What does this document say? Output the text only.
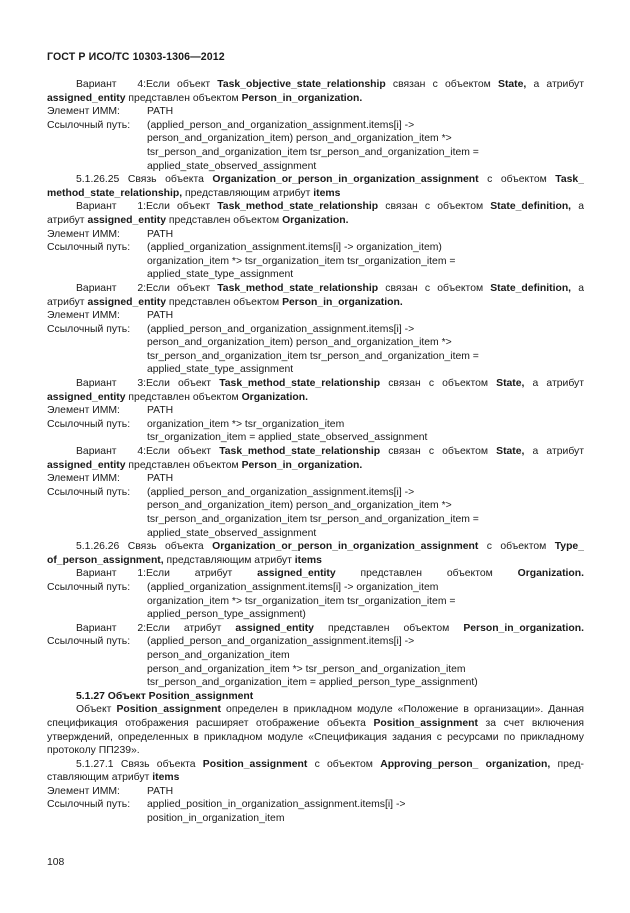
ГОСТ Р ИСО/ТС 10303-1306—2012
Вариант 4:Если объект Task_objective_state_relationship связан с объектом State, а атрибут
assigned_entity представлен объектом Person_in_organization.
Элемент ИММ:	PATH
Ссылочный путь: (applied_person_and_organization_assignment.items[i] ->
person_and_organization_item) person_and_organization_item *>
tsr_person_and_organization_item tsr_person_and_organization_item =
applied_state_observed_assignment
5.1.26.25 Связь объекта Organization_or_person_in_organization_assignment с объектом Task_
method_state_relationship, представляющим атрибут items
Вариант 1:Если объект Task_method_state_relationship связан с объектом State_definition, а
атрибут assigned_entity представлен объектом Organization.
Элемент ИММ:	PATH
Ссылочный путь: (applied_organization_assignment.items[i] -> organization_item)
organization_item *> tsr_organization_item tsr_organization_item =
applied_state_type_assignment
Вариант 2:Если объект Task_method_state_relationship связан с объектом State_definition, а
атрибут assigned_entity представлен объектом Person_in_organization.
Элемент ИММ:	PATH
Ссылочный путь: (applied_person_and_organization_assignment.items[i] ->
person_and_organization_item) person_and_organization_item *>
tsr_person_and_organization_item tsr_person_and_organization_item =
applied_state_type_assignment
Вариант 3:Если объект Task_method_state_relationship связан с объектом State, а атрибут
assigned_entity представлен объектом Organization.
Элемент ИММ:	PATH
Ссылочный путь: organization_item *> tsr_organization_item
tsr_organization_item = applied_state_observed_assignment
Вариант 4:Если объект Task_method_state_relationship связан с объектом State, а атрибут
assigned_entity представлен объектом Person_in_organization.
Элемент ИММ:	PATH
Ссылочный путь: (applied_person_and_organization_assignment.items[i] ->
person_and_organization_item) person_and_organization_item *>
tsr_person_and_organization_item tsr_person_and_organization_item =
applied_state_observed_assignment
5.1.26.26 Связь объекта Organization_or_person_in_organization_assignment с объектом Type_
of_person_assignment, представляющим атрибут items
Вариант 1:Если атрибут assigned_entity представлен объектом Organization.
Ссылочный путь: (applied_organization_assignment.items[i] -> organization_item
organization_item *> tsr_organization_item tsr_organization_item =
applied_person_type_assignment)
Вариант 2:Если атрибут assigned_entity представлен объектом Person_in_organization.
Ссылочный путь: (applied_person_and_organization_assignment.items[i] ->
person_and_organization_item
person_and_organization_item *> tsr_person_and_organization_item
tsr_person_and_organization_item = applied_person_type_assignment)
5.1.27 Объект Position_assignment
Объект Position_assignment определен в прикладном модуле «Положение в организации». Данная
спецификация отображения расширяет отображение объекта Position_assignment за счет включения
утверждений, определенных в прикладном модуле «Спецификация задания с ресурсами по прикладному
протоколу ПП239».
5.1.27.1 Связь объекта Position_assignment с объектом Approving_person_ organization, пред-
ставляющим атрибут items
Элемент ИММ:	PATH
Ссылочный путь: applied_position_in_organization_assignment.items[i] ->
position_in_organization_item
108
